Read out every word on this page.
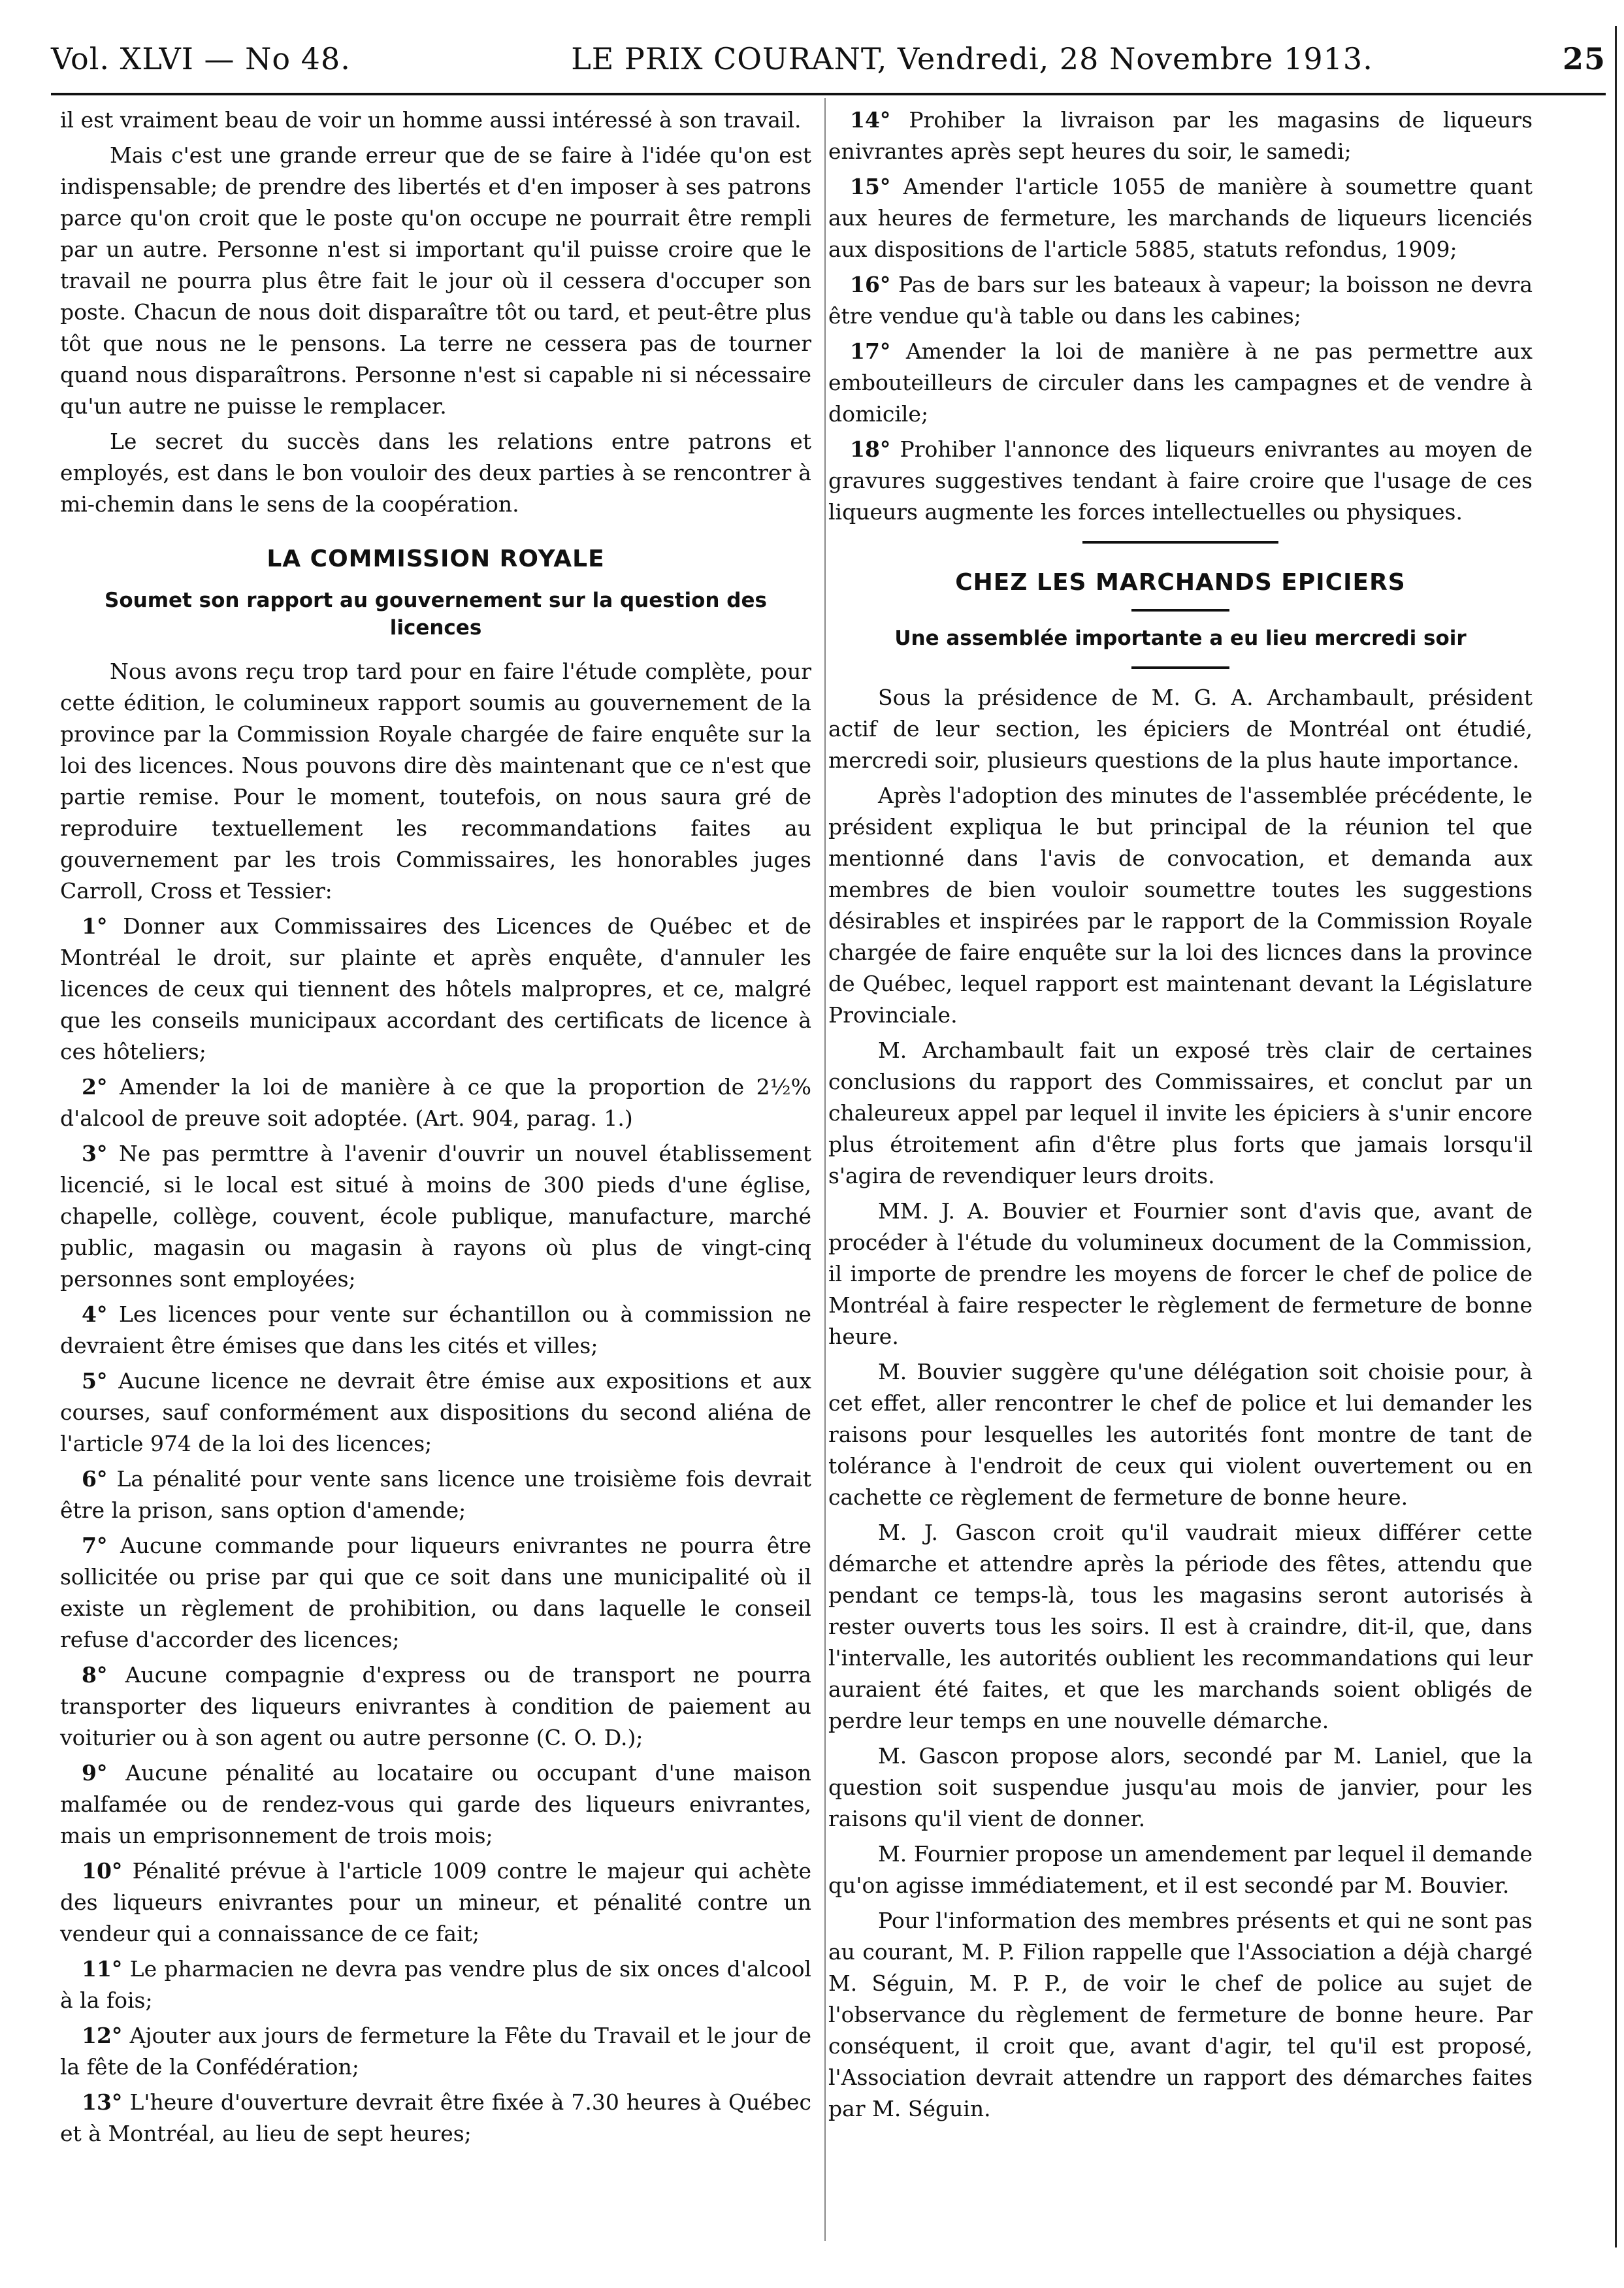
Vol. XLVI — No 48.	LE PRIX COURANT, Vendredi, 28 Novembre 1913.	25

il est vraiment beau de voir un homme aussi intéressé à son travail.

Mais c'est une grande erreur que de se faire à l'idée qu'on est indispensable; de prendre des libertés et d'en imposer à ses patrons parce qu'on croit que le poste qu'on occupe ne pourrait être rempli par un autre. Personne n'est si important qu'il puisse croire que le travail ne pourra plus être fait le jour où il cessera d'occuper son poste. Chacun de nous doit disparaître tôt ou tard, et peut-être plus tôt que nous ne le pensons. La terre ne cessera pas de tourner quand nous disparaîtrons. Personne n'est si capable ni si nécessaire qu'un autre ne puisse le remplacer.

Le secret du succès dans les relations entre patrons et employés, est dans le bon vouloir des deux parties à se rencontrer à mi-chemin dans le sens de la coopération.

LA COMMISSION ROYALE
Soumet son rapport au gouvernement sur la question des licences

Nous avons reçu trop tard pour en faire l'étude complète, pour cette édition, le columineux rapport soumis au gouvernement de la province par la Commission Royale chargée de faire enquête sur la loi des licences. Nous pouvons dire dès maintenant que ce n'est que partie remise. Pour le moment, toutefois, on nous saura gré de reproduire textuellement les recommandations faites au gouvernement par les trois Commissaires, les honorables juges Carroll, Cross et Tessier:

 1° Donner aux Commissaires des Licences de Québec et de Montréal le droit, sur plainte et après enquête, d'annuler les licences de ceux qui tiennent des hôtels malpropres, et ce, malgré que les conseils municipaux accordant des certificats de licence à ces hôteliers;

 2° Amender la loi de manière à ce que la proportion de 2½% d'alcool de preuve soit adoptée. (Art. 904, parag. 1.)

 3° Ne pas permttre à l'avenir d'ouvrir un nouvel établissement licencié, si le local est situé à moins de 300 pieds d'une église, chapelle, collège, couvent, école publique, manufacture, marché public, magasin ou magasin à rayons où plus de vingt-cinq personnes sont employées;

 4° Les licences pour vente sur échantillon ou à commission ne devraient être émises que dans les cités et villes;

 5° Aucune licence ne devrait être émise aux expositions et aux courses, sauf conformément aux dispositions du second aliéna de l'article 974 de la loi des licences;

 6° La pénalité pour vente sans licence une troisième fois devrait être la prison, sans option d'amende;

 7° Aucune commande pour liqueurs enivrantes ne pourra être sollicitée ou prise par qui que ce soit dans une municipalité où il existe un règlement de prohibition, ou dans laquelle le conseil refuse d'accorder des licences;

 8° Aucune compagnie d'express ou de transport ne pourra transporter des liqueurs enivrantes à condition de paiement au voiturier ou à son agent ou autre personne (C. O. D.);

 9° Aucune pénalité au locataire ou occupant d'une maison malfamée ou de rendez-vous qui garde des liqueurs enivrantes, mais un emprisonnement de trois mois;

 10° Pénalité prévue à l'article 1009 contre le majeur qui achète des liqueurs enivrantes pour un mineur, et pénalité contre un vendeur qui a connaissance de ce fait;

 11° Le pharmacien ne devra pas vendre plus de six onces d'alcool à la fois;

 12° Ajouter aux jours de fermeture la Fête du Travail et le jour de la fête de la Confédération;

 13° L'heure d'ouverture devrait être fixée à 7.30 heures à Québec et à Montréal, au lieu de sept heures;

 14° Prohiber la livraison par les magasins de liqueurs enivrantes après sept heures du soir, le samedi;

 15° Amender l'article 1055 de manière à soumettre quant aux heures de fermeture, les marchands de liqueurs licenciés aux dispositions de l'article 5885, statuts refondus, 1909;

 16° Pas de bars sur les bateaux à vapeur; la boisson ne devra être vendue qu'à table ou dans les cabines;

 17° Amender la loi de manière à ne pas permettre aux embouteilleurs de circuler dans les campagnes et de vendre à domicile;

 18° Prohiber l'annonce des liqueurs enivrantes au moyen de gravures suggestives tendant à faire croire que l'usage de ces liqueurs augmente les forces intellectuelles ou physiques.

CHEZ LES MARCHANDS EPICIERS
Une assemblée importante a eu lieu mercredi soir

Sous la présidence de M. G. A. Archambault, président actif de leur section, les épiciers de Montréal ont étudié, mercredi soir, plusieurs questions de la plus haute importance.

Après l'adoption des minutes de l'assemblée précédente, le président expliqua le but principal de la réunion tel que mentionné dans l'avis de convocation, et demanda aux membres de bien vouloir soumettre toutes les suggestions désirables et inspirées par le rapport de la Commission Royale chargée de faire enquête sur la loi des licnces dans la province de Québec, lequel rapport est maintenant devant la Législature Provinciale.

M. Archambault fait un exposé très clair de certaines conclusions du rapport des Commissaires, et conclut par un chaleureux appel par lequel il invite les épiciers à s'unir encore plus étroitement afin d'être plus forts que jamais lorsqu'il s'agira de revendiquer leurs droits.

MM. J. A. Bouvier et Fournier sont d'avis que, avant de procéder à l'étude du volumineux document de la Commission, il importe de prendre les moyens de forcer le chef de police de Montréal à faire respecter le règlement de fermeture de bonne heure.

M. Bouvier suggère qu'une délégation soit choisie pour, à cet effet, aller rencontrer le chef de police et lui demander les raisons pour lesquelles les autorités font montre de tant de tolérance à l'endroit de ceux qui violent ouvertement ou en cachette ce règlement de fermeture de bonne heure.

M. J. Gascon croit qu'il vaudrait mieux différer cette démarche et attendre après la période des fêtes, attendu que pendant ce temps-là, tous les magasins seront autorisés à rester ouverts tous les soirs. Il est à craindre, dit-il, que, dans l'intervalle, les autorités oublient les recommandations qui leur auraient été faites, et que les marchands soient obligés de perdre leur temps en une nouvelle démarche.

M. Gascon propose alors, secondé par M. Laniel, que la question soit suspendue jusqu'au mois de janvier, pour les raisons qu'il vient de donner.

M. Fournier propose un amendement par lequel il demande qu'on agisse immédiatement, et il est secondé par M. Bouvier.

Pour l'information des membres présents et qui ne sont pas au courant, M. P. Filion rappelle que l'Association a déjà chargé M. Séguin, M. P. P., de voir le chef de police au sujet de l'observance du règlement de fermeture de bonne heure. Par conséquent, il croit que, avant d'agir, tel qu'il est proposé, l'Association devrait attendre un rapport des démarches faites par M. Séguin.
